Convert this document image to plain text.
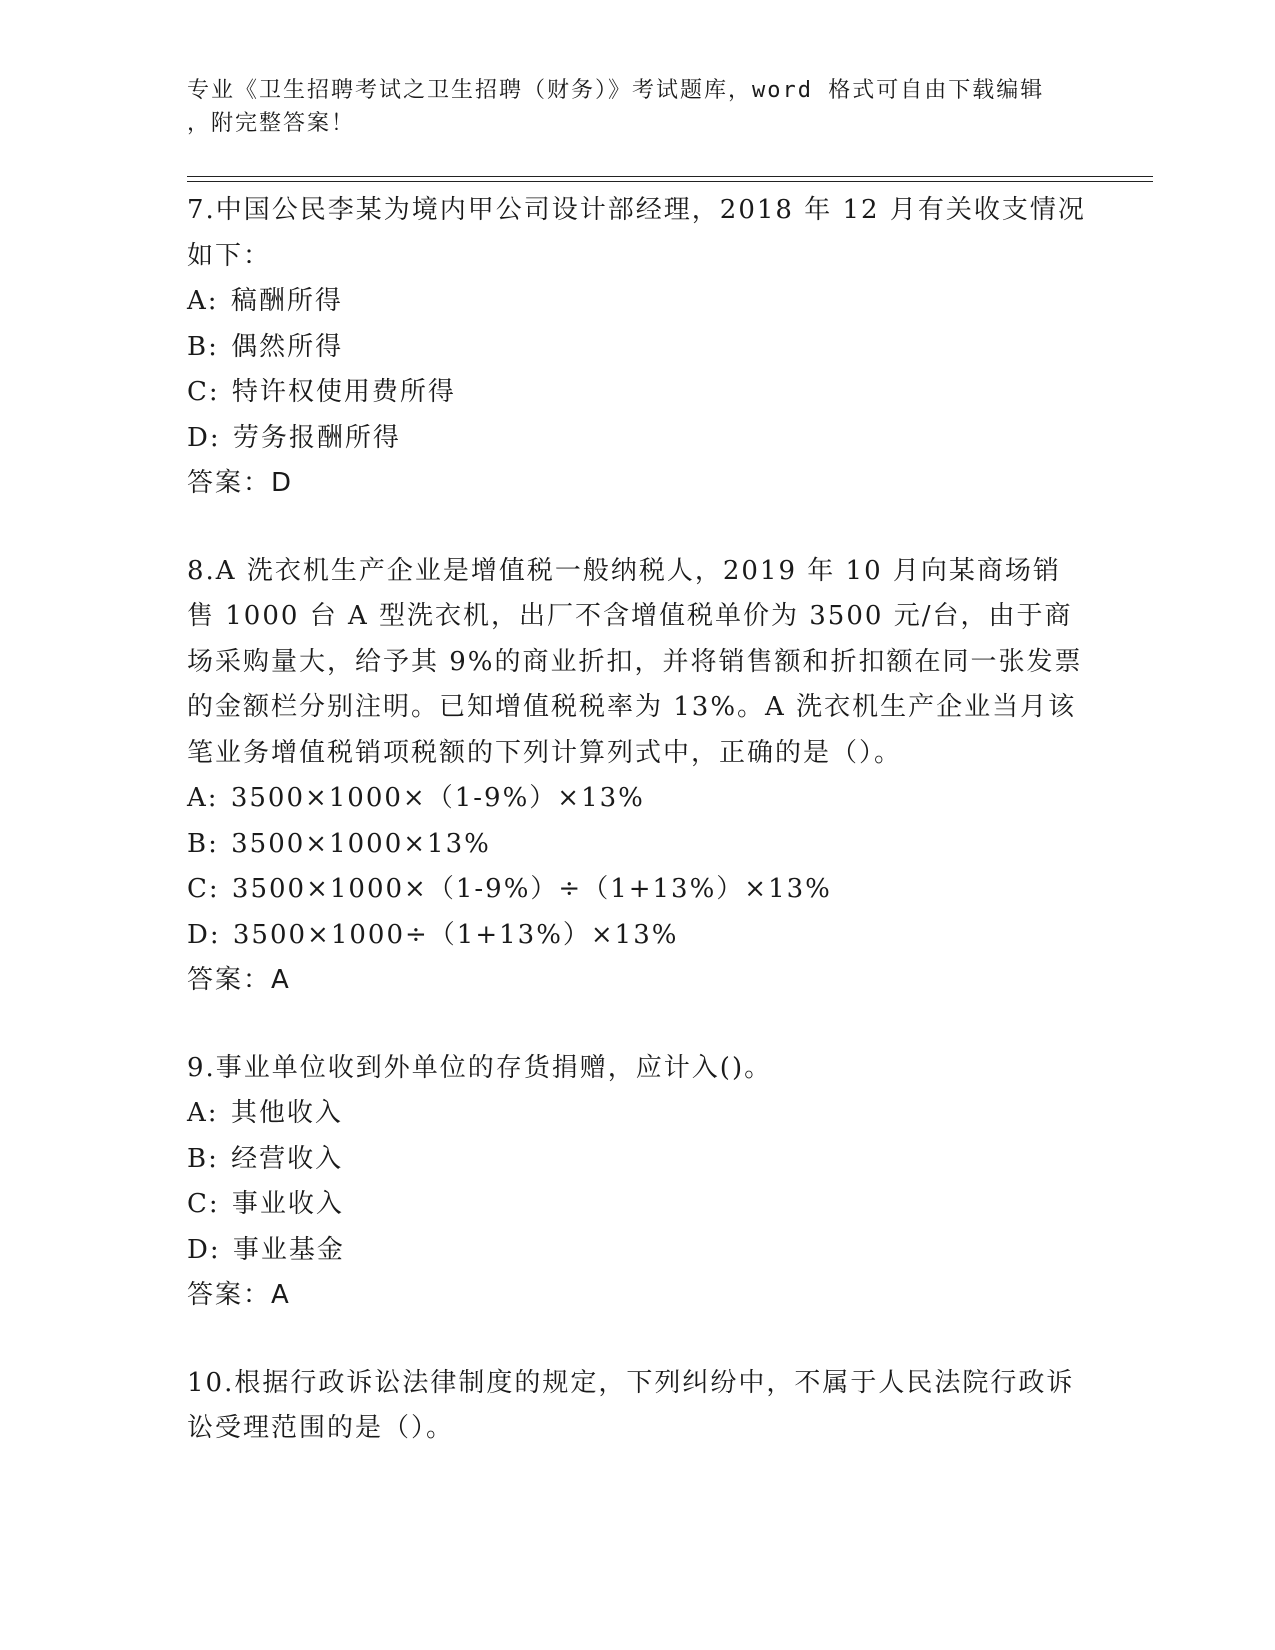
专业《卫生招聘考试之卫生招聘（财务）》考试题库，word 格式可自由下载编辑
，附完整答案！
7.中国公民李某为境内甲公司设计部经理，2018 年 12 月有关收支情况如下：
A: 稿酬所得
B: 偶然所得
C: 特许权使用费所得
D: 劳务报酬所得
答案：D
8.A 洗衣机生产企业是增值税一般纳税人，2019 年 10 月向某商场销售 1000 台 A 型洗衣机，出厂不含增值税单价为 3500 元/台，由于商场采购量大，给予其 9%的商业折扣，并将销售额和折扣额在同一张发票的金额栏分别注明。已知增值税税率为 13%。A 洗衣机生产企业当月该笔业务增值税销项税额的下列计算列式中，正确的是（）。
A: 3500×1000×（1-9%）×13%
B: 3500×1000×13%
C: 3500×1000×（1-9%）÷（1+13%）×13%
D: 3500×1000÷（1+13%）×13%
答案：A
9.事业单位收到外单位的存货捐赠，应计入()。
A: 其他收入
B: 经营收入
C: 事业收入
D: 事业基金
答案：A
10.根据行政诉讼法律制度的规定，下列纠纷中，不属于人民法院行政诉讼受理范围的是（）。
